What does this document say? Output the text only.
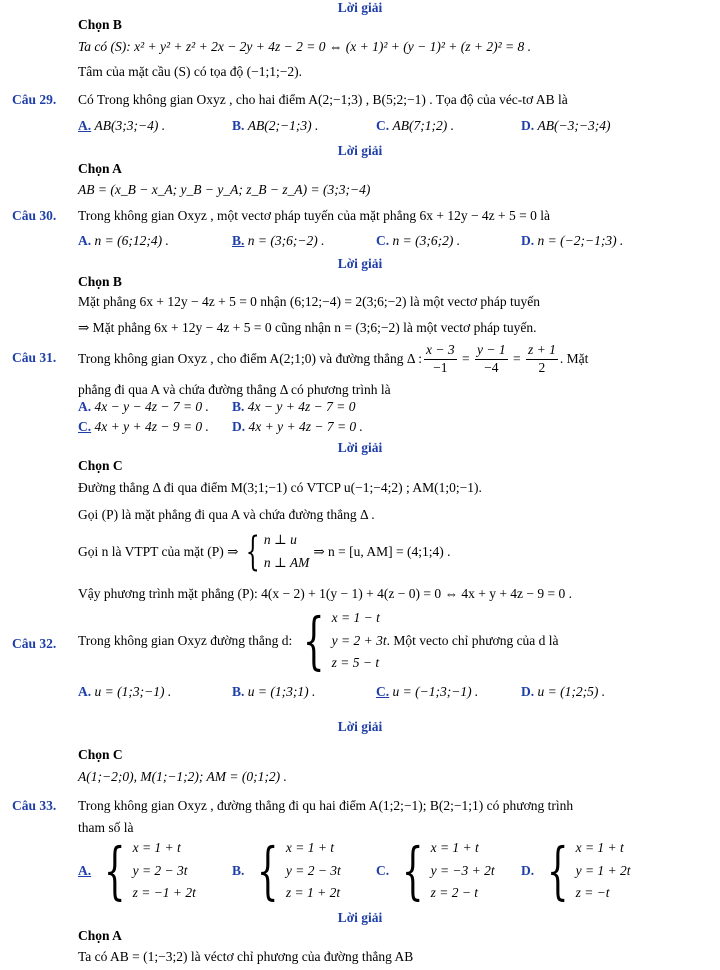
Lời giải
Chọn B
Ta có (S): x² + y² + z² + 2x − 2y + 4z − 2 = 0 ⇔ (x + 1)² + (y − 1)² + (z + 2)² = 8 .
Tâm của mặt cầu (S) có tọa độ (−1;1;−2).
Câu 29. Có Trong không gian Oxyz , cho hai điểm A(2;−1;3) , B(5;2;−1) . Tọa độ của véc-tơ AB là
A. AB(3;3;−4) .	B. AB(2;−1;3) .	C. AB(7;1;2) .	D. AB(−3;−3;4)
Lời giải
Chọn A
AB = (x_B − x_A; y_B − y_A; z_B − z_A) = (3;3;−4)
Câu 30. Trong không gian Oxyz , một vectơ pháp tuyến của mặt phẳng 6x + 12y − 4z + 5 = 0 là
A. n = (6;12;4) .	B. n = (3;6;−2) .	C. n = (3;6;2) .	D. n = (−2;−1;3) .
Lời giải
Chọn B
Mặt phẳng 6x + 12y − 4z + 5 = 0 nhận (6;12;−4) = 2(3;6;−2) là một vectơ pháp tuyến
⇒ Mặt phẳng 6x + 12y − 4z + 5 = 0 cũng nhận n = (3;6;−2) là một vectơ pháp tuyến.
Câu 31. Trong không gian Oxyz , cho điểm A(2;1;0) và đường thẳng Δ : $\frac{x - 3}{-1} = \frac{y - 1}{-4} = \frac{z + 1}{2}$ . Mặt
phẳng đi qua A và chứa đường thẳng Δ có phương trình là
A. 4x − y − 4z − 7 = 0 . B. 4x − y + 4z − 7 = 0
C. 4x + y + 4z − 9 = 0 . D. 4x + y + 4z − 7 = 0 .
Lời giải
Chọn C
Đường thẳng Δ đi qua điểm M(3;1;−1) có VTCP u(−1;−4;2) ; AM(1;0;−1).
Gọi (P) là mặt phẳng đi qua A và chứa đường thẳng Δ .
Gọi n là VTPT của mặt (P) ⇒ { n ⊥ u
n ⊥ AM
⇒ n = [u, AM] = (4;1;4) .
Vậy phương trình mặt phẳng (P): 4(x − 2) + 1(y − 1) + 4(z − 0) = 0 ⇔ 4x + y + 4z − 9 = 0 .
Câu 32. Trong không gian Oxyz đường thẳng d: { x = 1 − t
y = 2 + 3t
z = 5 − t
. Một vecto chỉ phương của d là
A. u = (1;3;−1) .	B. u = (1;3;1) .	C. u = (−1;3;−1) .	D. u = (1;2;5) .
Lời giải
Chọn C
A(1;−2;0), M(1;−1;2); AM = (0;1;2) .
Câu 33. Trong không gian Oxyz , đường thẳng đi qu hai điểm A(1;2;−1); B(2;−1;1) có phương trình
tham số là
A. { x = 1 + t
y = 2 − 3t
z = −1 + 2t
B. { x = 1 + t
y = 2 − 3t
z = 1 + 2t
C. { x = 1 + t
y = −3 + 2t
z = 2 − t
D. { x = 1 + t
y = 1 + 2t
z = −t
Lời giải
Chọn A
Ta có AB = (1;−3;2) là véctơ chỉ phương của đường thẳng AB
